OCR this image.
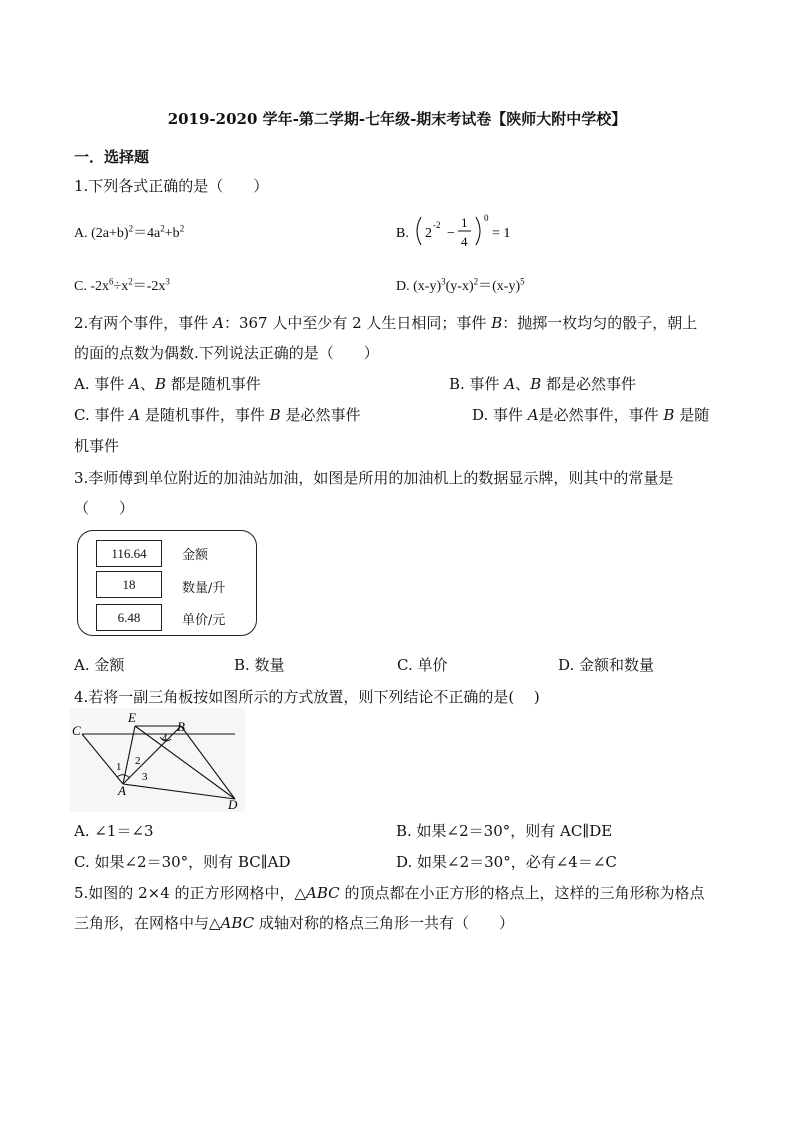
2019-2020 学年-第二学期-七年级-期末考试卷【陕师大附中学校】
一．选择题
1.下列各式正确的是（　　）
A. $(2a+b)^2=4a^2+b^2$	B. 2
-2
−
1
4
0
= 1
C. $-2x^6\div x^2=-2x^3$	D. $(x-y)^3(y-x)^2=(x-y)^5$
2.有两个事件，事件 A：367 人中至少有 2 人生日相同；事件 B：抛掷一枚均匀的骰子，朝上
的面的点数为偶数.下列说法正确的是（　　）
A. 事件 A、B 都是随机事件	B. 事件 A、B 都是必然事件
C. 事件 A 是随机事件，事件 B 是必然事件	D. 事件 A是必然事件，事件 B 是随
机事件
3.李师傅到单位附近的加油站加油，如图是所用的加油机上的数据显示牌，则其中的常量是
（　　）
116.64	金额
18	数量/升
6.48	单价/元
A. 金额	B. 数量	C. 单价	D. 金额和数量
4.若将一副三角板按如图所示的方式放置，则下列结论不正确的是(　 )
C
E
B
A
D
1 2
3
4
A. ∠1＝∠3	B. 如果∠2＝30°，则有 AC∥DE
C. 如果∠2＝30°，则有 BC∥AD	D. 如果∠2＝30°，必有∠4＝∠C
5.如图的 2×4 的正方形网格中，△ABC 的顶点都在小正方形的格点上，这样的三角形称为格点
三角形，在网格中与△ABC 成轴对称的格点三角形一共有（　　）
